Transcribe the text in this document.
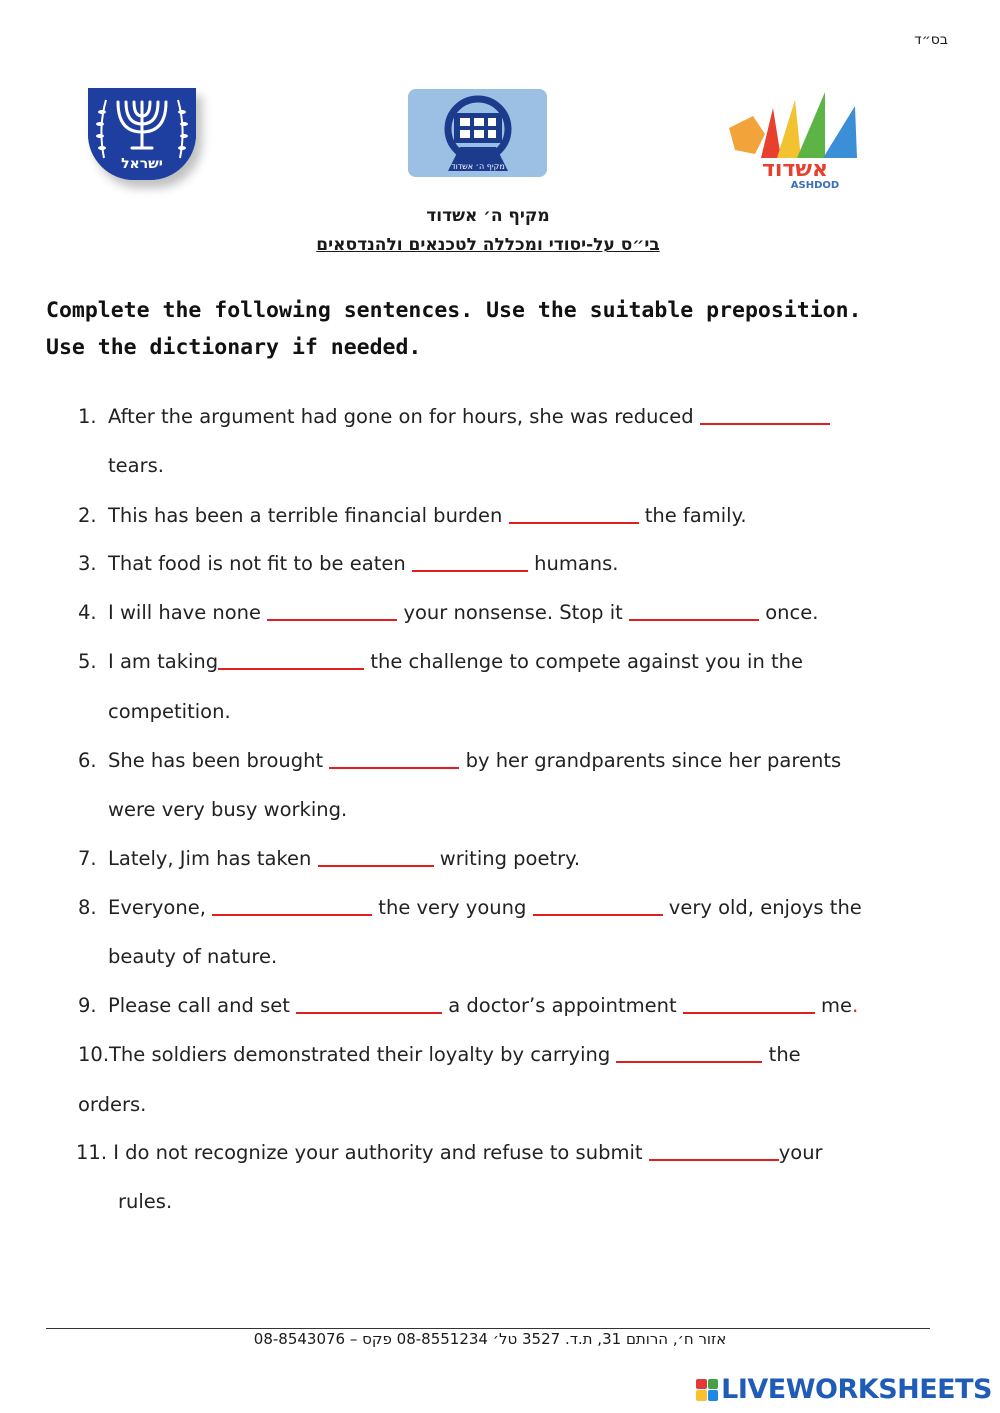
בס״ד
ישראל	מקיף ה׳ אשדוד	אשדוד
ASHDOD
מקיף ה׳ אשדוד
בי״ס על-יסודי ומכללה לטכנאים ולהנדסאים
Complete the following sentences. Use the suitable preposition.
Use the dictionary if needed.
1. After the argument had gone on for hours, she was reduced
tears.
2. This has been a terrible financial burden	the family.
3. That food is not fit to be eaten	humans.
4. I will have none	your nonsense. Stop it	once.
5. I am taking	the challenge to compete against you in the
competition.
6. She has been brought	by her grandparents since her parents
were very busy working.
7. Lately, Jim has taken	writing poetry.
8. Everyone,	the very young	very old, enjoys the
beauty of nature.
9. Please call and set	a doctor’s appointment	me.
10.The soldiers demonstrated their loyalty by carrying	the
orders.
11. I do not recognize your authority and refuse to submit	your
rules.
אזור ח׳, הרותם 31, ת.ד. 3527 טל׳ 08-8551234 פקס – 08-8543076
LIVEWORKSHEETS
